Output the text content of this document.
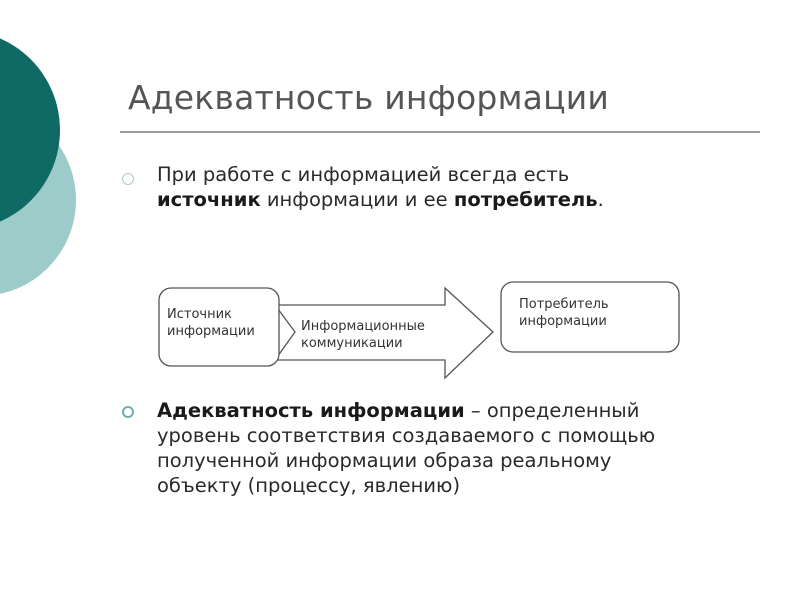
Адекватность информации
При работе с информацией всегда есть
источник информации и ее потребитель.
Источник
информации	Информационные
коммуникации
Потребитель
информации
Адекватность информации – определенный
уровень соответствия создаваемого с помощью
полученной информации образа реальному
объекту (процессу, явлению)
